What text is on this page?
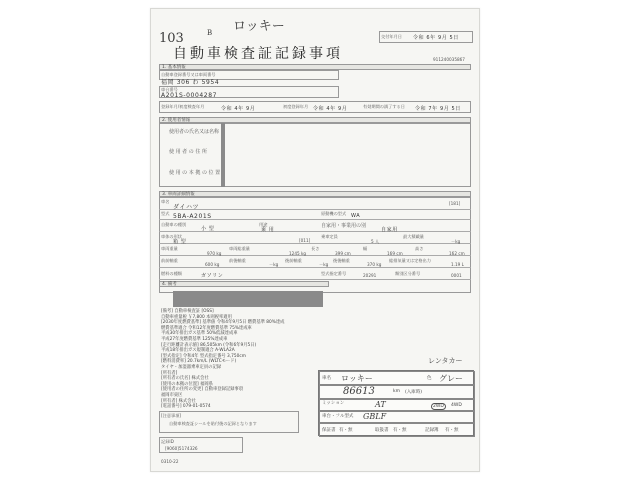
103	B ロッキー
交付年月日 令和 6年 9月 5日
自動車検査証記録事項	911240035867
1. 基本情報
自動車登録番号又は車両番号
福岡 306 わ 5954
車台番号
A201S-0004287
登録年月/初度検査年月	令和 4年 9月	初度登録年月 令和 4年 9月	有効期間の満了する日 令和 7年 9月 5日
2. 使用者情報
使用者の氏名又は名称
使 用 者 の 住 所
使 用 の 本 拠 の 位 置
3. 車両詳細情報
車名
ダイハツ
[181]
型式 5BA-A201S	原動機の型式 WA
自動車の種別
小 型
用途
乗 用
自家用・事業用の別
自家用
車体の形状
箱 型	[011]
乗車定員
5 人
最大積載量
－kg
車両重量
970 kg
車両総重量
1245 kg
長さ
399 cm
幅
169 cm
高さ
162 cm
前前軸重
600 kg
前後軸重
－kg
後前軸重
－kg
後後軸重
370 kg
総排気量又は定格出力
1.19 L
燃料の種類	ガソリン	型式指定番号	20291	類別区分番号	0001
4. 備考
[備考] 自動車検査証 [OSS]
自動車重量税 ￥7,800 本則税率適用
[2030年度燃費基準] 基準値 令和4年9月5日 燃費基準 80%達成
燃費基準適合 令和12年度燃費基準 75%達成車
平成30年排出ガス基準 50%低減達成車
平成27年度燃費基準 125%達成車
[走行距離計表示値] 86,505km (令和6年9月5日)
平成18年排出ガス規制適合 A-WLA2A
[型式指定] 令和4年 型式指定番号 3,750cm
[燃料消費率] 20.7km/L (WLTCモード)
タイヤ・加湿器乗車定員の記録
[所有者]
[所有者の氏名] 株式会社
[使用の本拠の位置] 福岡県
[使用者の住所の変更] 自動車登録記録事項
福岡市東区
[所有者] 株式会社
[電話番号] 079-01-0574
[注意事項]
自動車検査証シールを貼付後の記録となります
記録ID
[9060]5174326
0310-22
レンタカー
車名 ロッキー	色 グレー
86613	km (入庫時)
ミッション	AT	2WD	4WD
車台・フル型式 GBLF
保証書 有・無	取扱書 有・無	記録簿 有・無
